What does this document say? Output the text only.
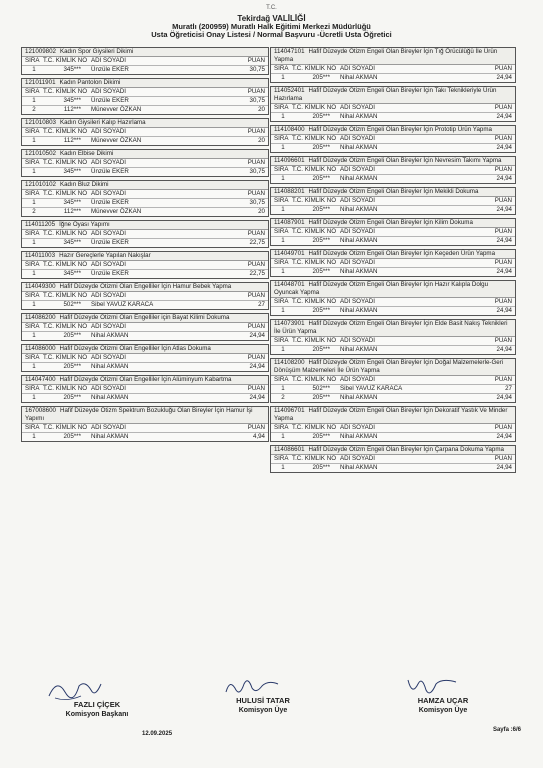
T.C.
Tekirdağ VALİLİĞİ
Muratlı (200959) Muratlı Halk Eğitimi Merkezi Müdürlüğü
Usta Öğreticisi Onay Listesi / Normal Başvuru -Ücretli Usta Öğretici
121009802 Kadın Spor Giysileri Dikimi
SIRA T.C. KİMLİK NO ADI SOYADI	PUAN
1	345***	Ünzüle EKER	30,75
121011901 Kadın Pantolon Dikimi
SIRA T.C. KİMLİK NO ADI SOYADI	PUAN
1	345***	Ünzüle EKER	30,75
2	112***	Münevver ÖZKAN	20
121010803 Kadın Giysileri Kalıp Hazırlama
SIRA T.C. KİMLİK NO ADI SOYADI	PUAN
1	112***	Münevver ÖZKAN	20
121010502 Kadın Elbise Dikimi
SIRA T.C. KİMLİK NO ADI SOYADI	PUAN
1	345***	Ünzüle EKER	30,75
121010102 Kadın Bluz Dikimi
SIRA T.C. KİMLİK NO ADI SOYADI	PUAN
1	345***	Ünzüle EKER	30,75
2	112***	Münevver ÖZKAN	20
114011205 İğne Oyası Yapımı
SIRA T.C. KİMLİK NO ADI SOYADI	PUAN
1	345***	Ünzüle EKER	22,75
114011003 Hazır Gereçlerle Yapılan Nakışlar
SIRA T.C. KİMLİK NO ADI SOYADI	PUAN
1	345***	Ünzüle EKER	22,75
114049300 Hafif Düzeyde Otizmi Olan Engelliler İçin Hamur Bebek Yapma
SIRA T.C. KİMLİK NO ADI SOYADI	PUAN
1	502***	Sibel YAVUZ KARACA	27
114086200 Hafif Düzeyde Otizmi Olan Engelliler için Bayat Kilimi Dokuma
SIRA T.C. KİMLİK NO ADI SOYADI	PUAN
1	205***	Nihal AKMAN	24,94
114086000 Hafif Düzeyde Otizmi Olan Engelliler İçin Atlas Dokuma
SIRA T.C. KİMLİK NO ADI SOYADI	PUAN
1	205***	Nihal AKMAN	24,94
114047400 Hafif Düzeyde Otizmi Olan Engelliler İçin Alüminyum Kabartma
SIRA T.C. KİMLİK NO ADI SOYADI	PUAN
1	205***	Nihal AKMAN	24,94
167008600 Hafif Düzeyde Otizm Spektrum Bozukluğu Olan Bireyler İçin Hamur İşi Yapımı
SIRA T.C. KİMLİK NO ADI SOYADI	PUAN
1	205***	Nihal AKMAN	4,94
114047101 Hafif Düzeyde Otizm Engeli Olan Bireyler İçin Tığ Örücülüğü İle Ürün Yapma
SIRA T.C. KİMLİK NO ADI SOYADI	PUAN
1	205***	Nihal AKMAN	24,94
114052401 Hafif Düzeyde Otizm Engeli Olan Bireyler İçin Takı Teknikleriyle Ürün Hazırlama
SIRA T.C. KİMLİK NO ADI SOYADI	PUAN
1	205***	Nihal AKMAN	24,94
114108400 Hafif Düzeyde Otizm Engeli Olan Bireyler İçin Prototip Ürün Yapma
SIRA T.C. KİMLİK NO ADI SOYADI	PUAN
1	205***	Nihal AKMAN	24,94
114096601 Hafif Düzeyde Otizm Engeli Olan Bireyler İçin Nevresim Takımı Yapma
SIRA T.C. KİMLİK NO ADI SOYADI	PUAN
1	205***	Nihal AKMAN	24,94
114088201 Hafif Düzeyde Otizm Engeli Olan Bireyler İçin Mekikli Dokuma
SIRA T.C. KİMLİK NO ADI SOYADI	PUAN
1	205***	Nihal AKMAN	24,94
114087901 Hafif Düzeyde Otizm Engeli Olan Bireyler İçin Kilim Dokuma
SIRA T.C. KİMLİK NO ADI SOYADI	PUAN
1	205***	Nihal AKMAN	24,94
114049701 Hafif Düzeyde Otizm Engeli Olan Bireyler İçin Keçeden Ürün Yapma
SIRA T.C. KİMLİK NO ADI SOYADI	PUAN
1	205***	Nihal AKMAN	24,94
114048701 Hafif Düzeyde Otizm Engeli Olan Bireyler İçin Hazır Kalıpla Dolgu Oyuncak Yapma
SIRA T.C. KİMLİK NO ADI SOYADI	PUAN
1	205***	Nihal AKMAN	24,94
114073901 Hafif Düzeyde Otizm Engeli Olan Bireyler İçin Elde Basit Nakış Teknikleri İle Ürün Yapma
SIRA T.C. KİMLİK NO ADI SOYADI	PUAN
1	205***	Nihal AKMAN	24,94
114108200 Hafif Düzeyde Otizm Engeli Olan Bireyler İçin Doğal Malzemelerle-Geri Dönüşüm Malzemeleri İle Ürün Yapma
SIRA T.C. KİMLİK NO ADI SOYADI	PUAN
1	502***	Sibel YAVUZ KARACA	27
2	205***	Nihal AKMAN	24,94
114096701 Hafif Düzeyde Otizm Engeli Olan Bireyler İçin Dekoratif Yastık Ve Minder Yapma
SIRA T.C. KİMLİK NO ADI SOYADI	PUAN
1	205***	Nihal AKMAN	24,94
114086601 Hafif Düzeyde Otizm Engeli Olan Bireyler İçin Çarpana Dokuma Yapma
SIRA T.C. KİMLİK NO ADI SOYADI	PUAN
1	205***	Nihal AKMAN	24,94
FAZLI ÇİÇEK
Komisyon Başkanı
HULUSİ TATAR
Komisyon Üye
HAMZA UÇAR
Komisyon Üye
12.09.2025
Sayfa :6/6
